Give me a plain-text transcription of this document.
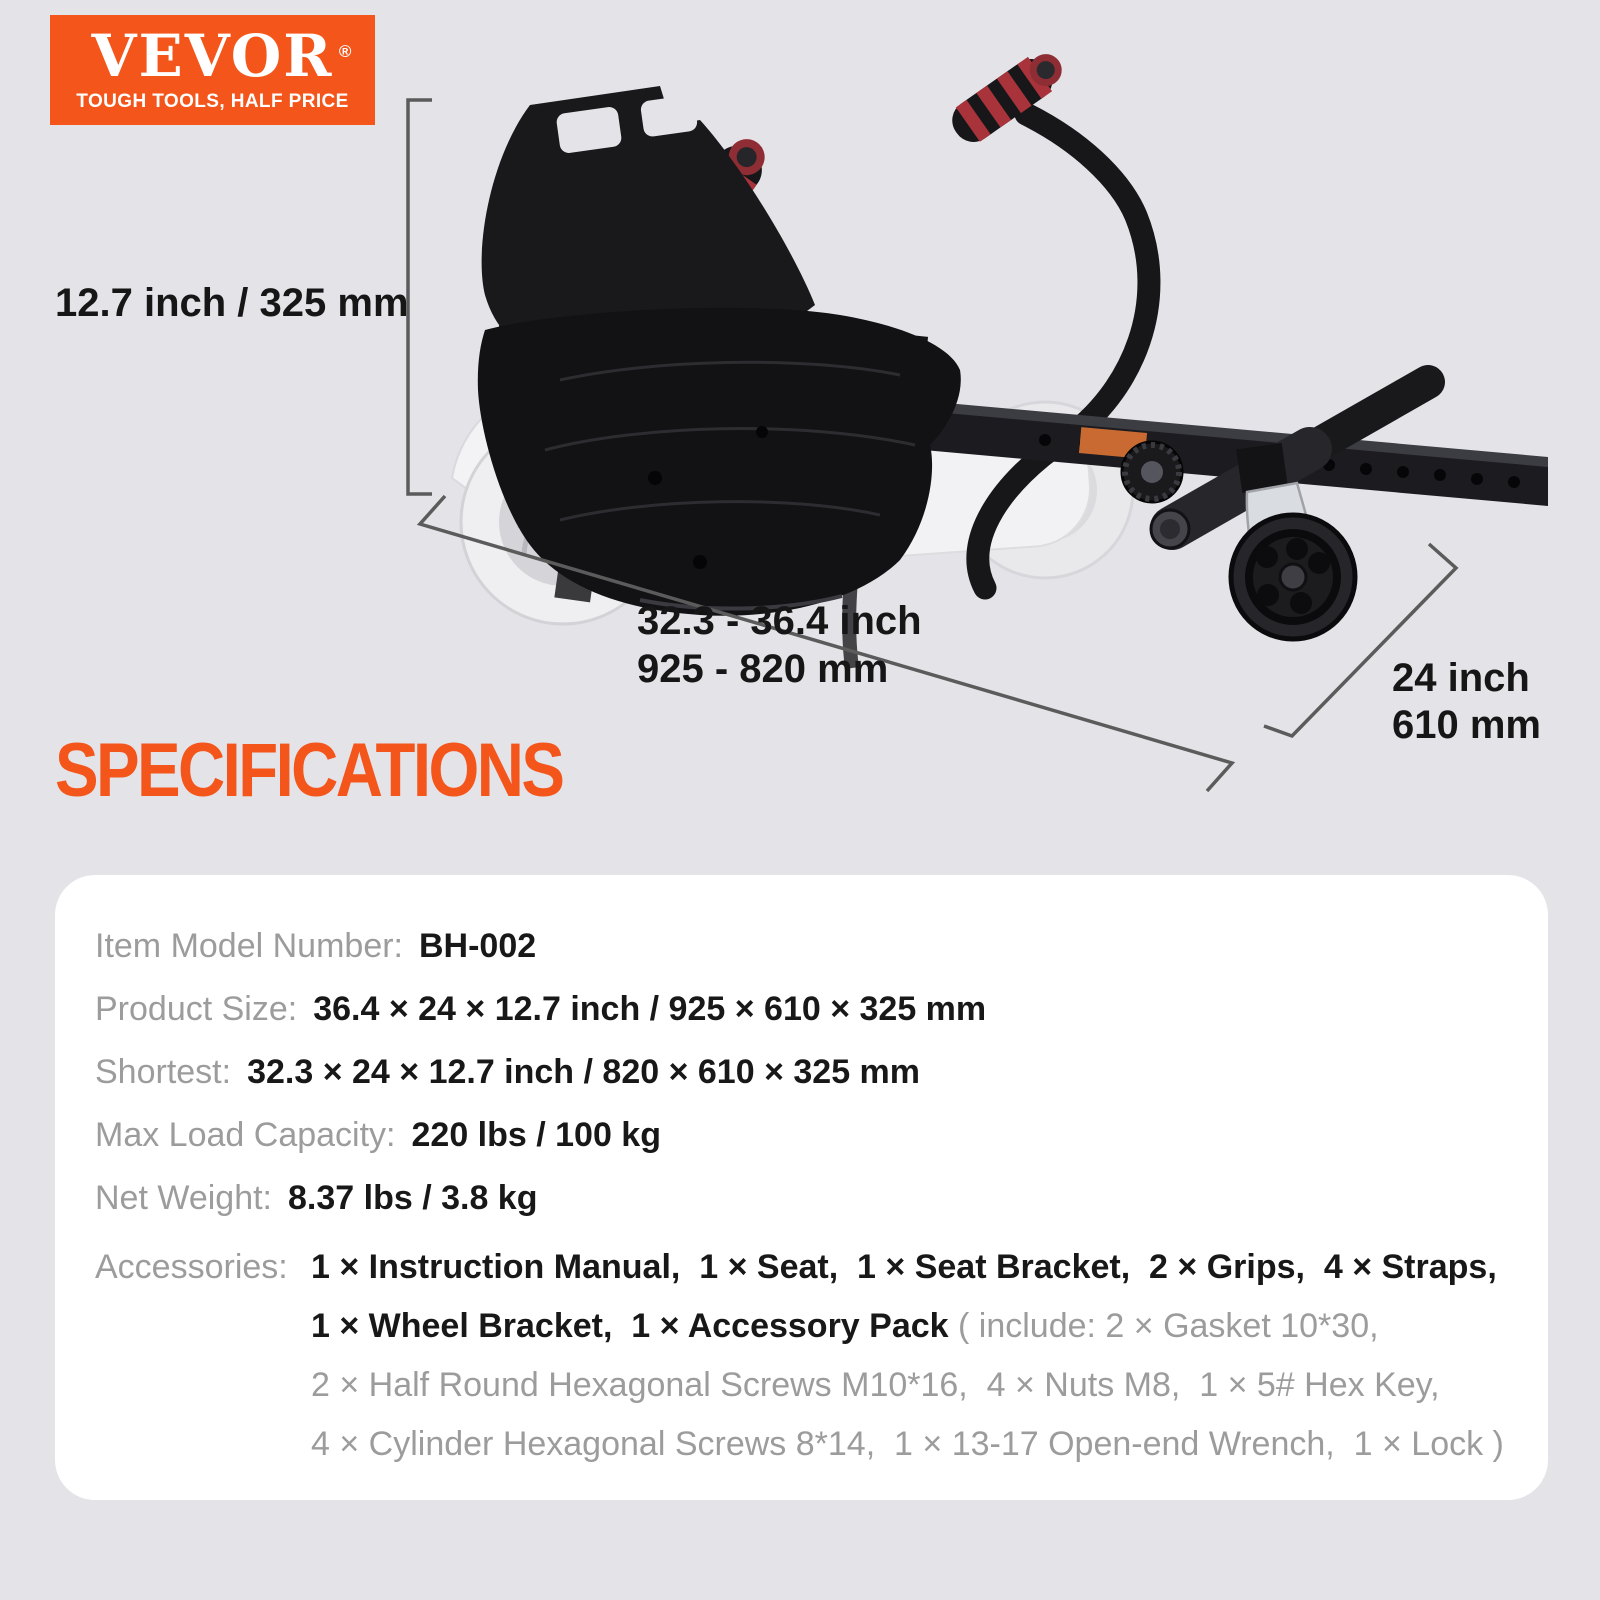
VEVOR ®
TOUGH TOOLS, HALF PRICE
12.7 inch / 325 mm
32.3 - 36.4 inch
925 - 820 mm	24 inch
610 mm
SPECIFICATIONS
Item Model Number: BH-002
Product Size: 36.4 × 24 × 12.7 inch / 925 × 610 × 325 mm
Shortest: 32.3 × 24 × 12.7 inch / 820 × 610 × 325 mm
Max Load Capacity: 220 lbs / 100 kg
Net Weight: 8.37 lbs / 3.8 kg
Accessories: 1 × Instruction Manual,  1 × Seat,  1 × Seat Bracket,  2 × Grips,  4 × Straps,
1 × Wheel Bracket,  1 × Accessory Pack ( include: 2 × Gasket 10*30,
2 × Half Round Hexagonal Screws M10*16,  4 × Nuts M8,  1 × 5# Hex Key,
4 × Cylinder Hexagonal Screws 8*14,  1 × 13-17 Open-end Wrench,  1 × Lock )
